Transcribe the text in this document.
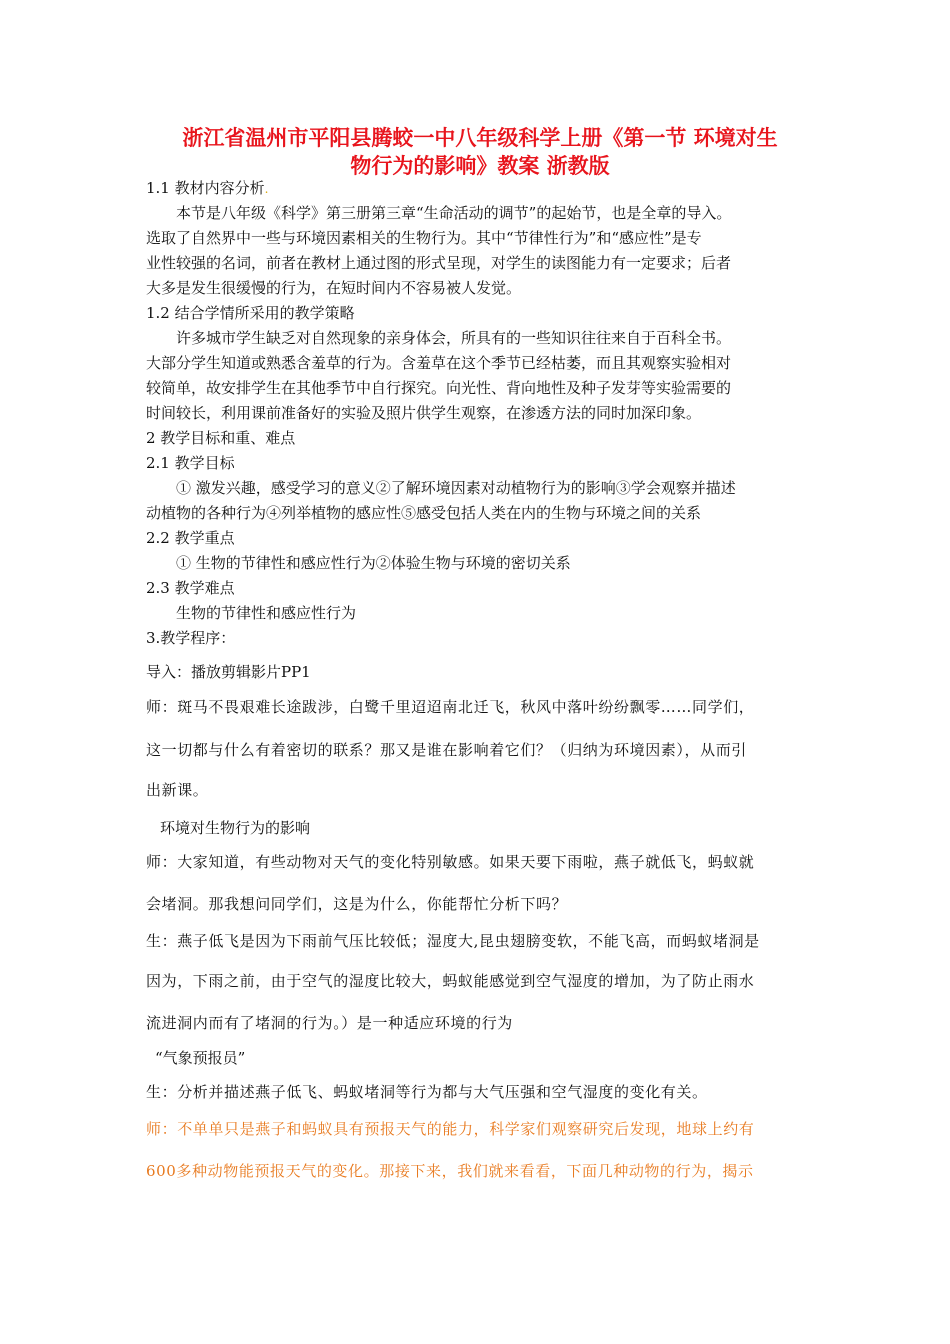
浙江省温州市平阳县腾蛟一中八年级科学上册《第一节 环境对生
物行为的影响》教案 浙教版
1.1 教材内容分析.
本节是八年级《科学》第三册第三章“生命活动的调节”的起始节，也是全章的导入。
选取了自然界中一些与环境因素相关的生物行为。其中“节律性行为”和“感应性”是专
业性较强的名词，前者在教材上通过图的形式呈现，对学生的读图能力有一定要求；后者
大多是发生很缓慢的行为，在短时间内不容易被人发觉。
1.2 结合学情所采用的教学策略
许多城市学生缺乏对自然现象的亲身体会，所具有的一些知识往往来自于百科全书。
大部分学生知道或熟悉含羞草的行为。含羞草在这个季节已经枯萎，而且其观察实验相对
较简单，故安排学生在其他季节中自行探究。向光性、背向地性及种子发芽等实验需要的
时间较长，利用课前准备好的实验及照片供学生观察，在渗透方法的同时加深印象。
2 教学目标和重、难点
2.1 教学目标
① 激发兴趣，感受学习的意义②了解环境因素对动植物行为的影响③学会观察并描述
动植物的各种行为④列举植物的感应性⑤感受包括人类在内的生物与环境之间的关系
2.2 教学重点
① 生物的节律性和感应性行为②体验生物与环境的密切关系
2.3 教学难点
生物的节律性和感应性行为
3.教学程序：
导入：播放剪辑影片PP1
师：斑马不畏艰难长途跋涉，白鹭千里迢迢南北迁飞，秋风中落叶纷纷飘零……同学们，
这一切都与什么有着密切的联系？那又是谁在影响着它们？（归纳为环境因素），从而引
出新课。
环境对生物行为的影响
师：大家知道，有些动物对天气的变化特别敏感。如果天要下雨啦，燕子就低飞，蚂蚁就
会堵洞。那我想问同学们，这是为什么，你能帮忙分析下吗？
生：燕子低飞是因为下雨前气压比较低；湿度大,昆虫翅膀变软，不能飞高，而蚂蚁堵洞是
因为，下雨之前，由于空气的湿度比较大，蚂蚁能感觉到空气湿度的增加，为了防止雨水
流进洞内而有了堵洞的行为。）是一种适应环境的行为
“气象预报员”
生：分析并描述燕子低飞、蚂蚁堵洞等行为都与大气压强和空气湿度的变化有关。
师：不单单只是燕子和蚂蚁具有预报天气的能力，科学家们观察研究后发现，地球上约有
600多种动物能预报天气的变化。那接下来，我们就来看看，下面几种动物的行为，揭示
